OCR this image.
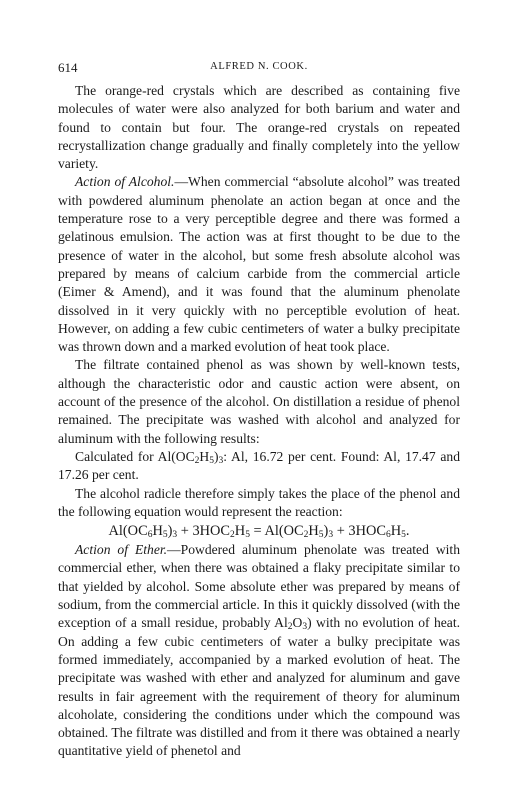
614	ALFRED N. COOK.

The orange-red crystals which are described as containing five molecules of water were also analyzed for both barium and water and found to contain but four. The orange-red crystals on repeated recrystallization change gradually and finally completely into the yellow variety.

Action of Alcohol.—When commercial “absolute alcohol” was treated with powdered aluminum phenolate an action began at once and the temperature rose to a very perceptible degree and there was formed a gelatinous emulsion. The action was at first thought to be due to the presence of water in the alcohol, but some fresh absolute alcohol was prepared by means of calcium carbide from the commercial article (Eimer & Amend), and it was found that the aluminum phenolate dissolved in it very quickly with no perceptible evolution of heat. However, on adding a few cubic centimeters of water a bulky precipitate was thrown down and a marked evolution of heat took place.

The filtrate contained phenol as was shown by well-known tests, although the characteristic odor and caustic action were absent, on account of the presence of the alcohol. On distillation a residue of phenol remained. The precipitate was washed with alcohol and analyzed for aluminum with the following results:

Calculated for $Al(OC_2H_5)_3$: Al, 16.72 per cent. Found: Al, 17.47 and 17.26 per cent.

The alcohol radicle therefore simply takes the place of the phenol and the following equation would represent the reaction:

$Al(OC_6H_5)_3 + 3HOC_2H_5 = Al(OC_2H_5)_3 + 3HOC_6H_5$.

Action of Ether.—Powdered aluminum phenolate was treated with commercial ether, when there was obtained a flaky precipitate similar to that yielded by alcohol. Some absolute ether was prepared by means of sodium, from the commercial article. In this it quickly dissolved (with the exception of a small residue, probably $Al_2O_3$) with no evolution of heat. On adding a few cubic centimeters of water a bulky precipitate was formed immediately, accompanied by a marked evolution of heat. The precipitate was washed with ether and analyzed for aluminum and gave results in fair agreement with the requirement of theory for aluminum alcoholate, considering the conditions under which the compound was obtained. The filtrate was distilled and from it there was obtained a nearly quantitative yield of phenetol and
